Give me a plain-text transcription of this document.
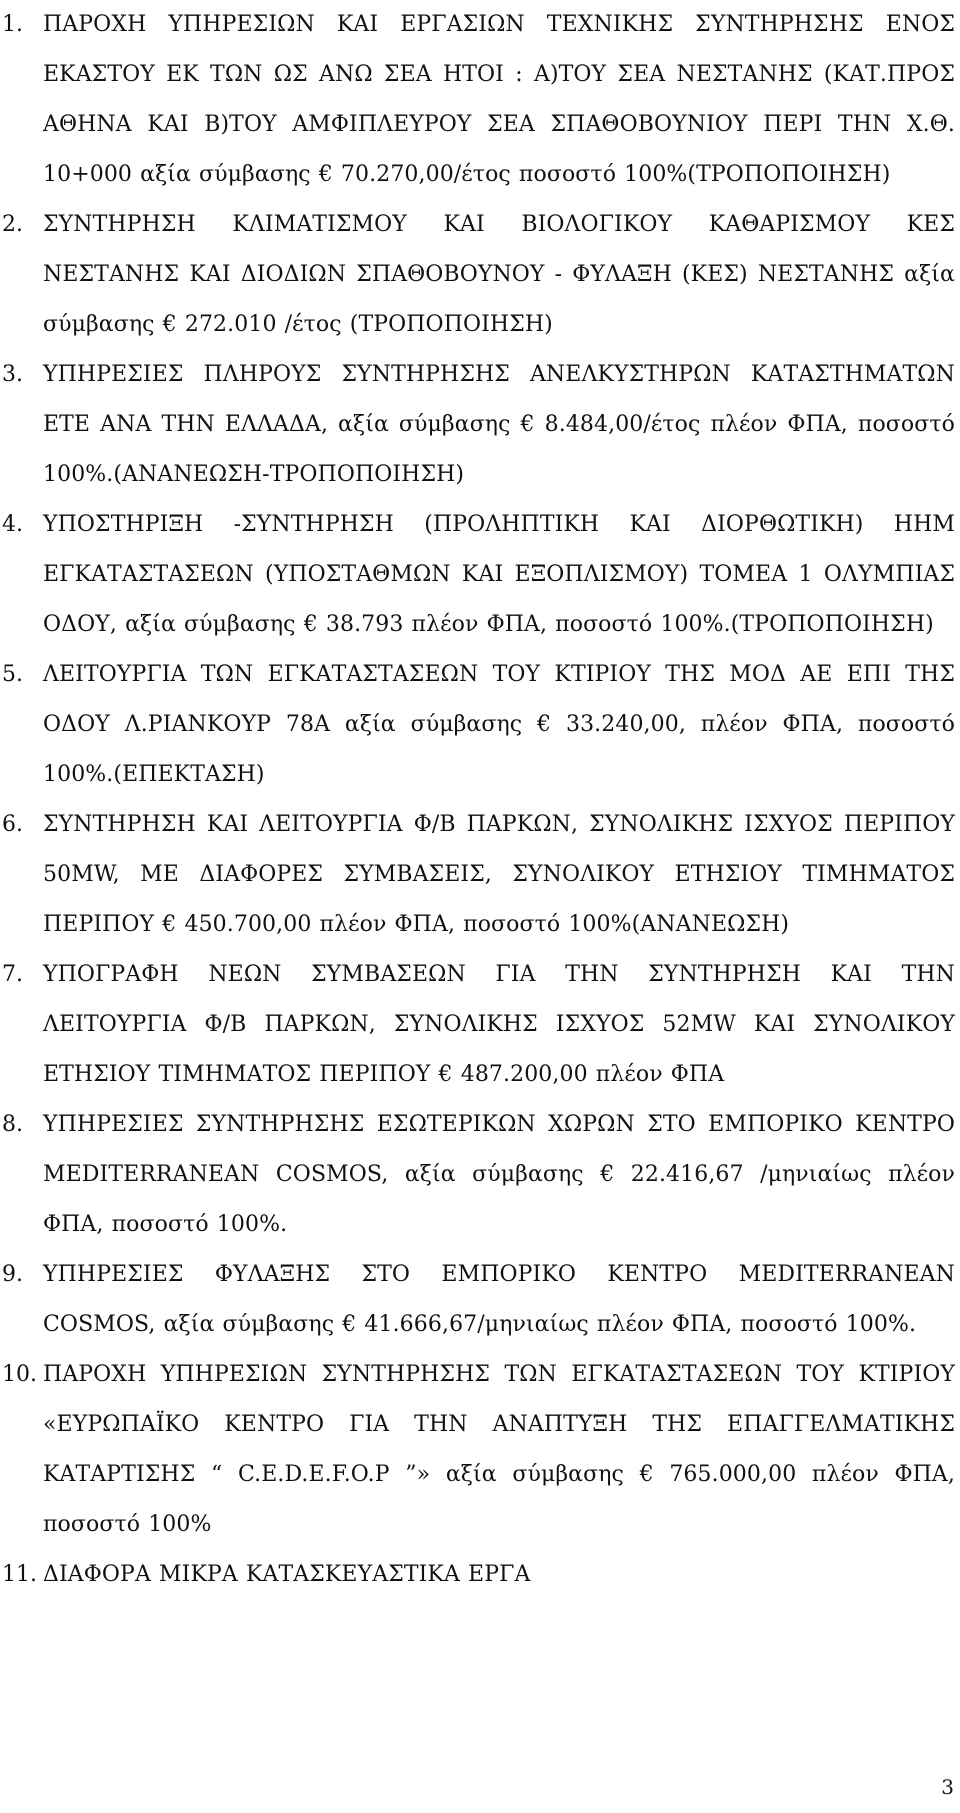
1. ΠΑΡΟΧΗ ΥΠΗΡΕΣΙΩΝ ΚΑΙ ΕΡΓΑΣΙΩΝ ΤΕΧΝΙΚΗΣ ΣΥΝΤΗΡΗΣΗΣ ΕΝΟΣ ΕΚΑΣΤΟΥ ΕΚ ΤΩΝ ΩΣ ΑΝΩ ΣΕΑ ΗΤΟΙ : Α)ΤΟΥ ΣΕΑ ΝΕΣΤΑΝΗΣ (ΚΑΤ.ΠΡΟΣ ΑΘΗΝΑ ΚΑΙ Β)ΤΟΥ ΑΜΦΙΠΛΕΥΡΟΥ ΣΕΑ ΣΠΑΘΟΒΟΥΝΙΟΥ ΠΕΡΙ ΤΗΝ Χ.Θ. 10+000 αξία σύμβασης € 70.270,00/έτος ποσοστό 100%(ΤΡΟΠΟΠΟΙΗΣΗ)
2. ΣΥΝΤΗΡΗΣΗ ΚΛΙΜΑΤΙΣΜΟΥ ΚΑΙ ΒΙΟΛΟΓΙΚΟΥ ΚΑΘΑΡΙΣΜΟΥ ΚΕΣ ΝΕΣΤΑΝΗΣ ΚΑΙ ΔΙΟΔΙΩΝ ΣΠΑΘΟΒΟΥΝΟΥ - ΦΥΛΑΞΗ (ΚΕΣ) ΝΕΣΤΑΝΗΣ αξία σύμβασης € 272.010 /έτος (ΤΡΟΠΟΠΟΙΗΣΗ)
3. ΥΠΗΡΕΣΙΕΣ ΠΛΗΡΟΥΣ ΣΥΝΤΗΡΗΣΗΣ ΑΝΕΛΚΥΣΤΗΡΩΝ ΚΑΤΑΣΤΗΜΑΤΩΝ ΕΤΕ ΑΝΑ ΤΗΝ ΕΛΛΑΔΑ, αξία σύμβασης € 8.484,00/έτος πλέον ΦΠΑ, ποσοστό 100%.(ΑΝΑΝΕΩΣΗ-ΤΡΟΠΟΠΟΙΗΣΗ)
4. ΥΠΟΣΤΗΡΙΞΗ -ΣΥΝΤΗΡΗΣΗ (ΠΡΟΛΗΠΤΙΚΗ ΚΑΙ ΔΙΟΡΘΩΤΙΚΗ) ΗΗΜ ΕΓΚΑΤΑΣΤΑΣΕΩΝ (ΥΠΟΣΤΑΘΜΩΝ ΚΑΙ ΕΞΟΠΛΙΣΜΟΥ) ΤΟΜΕΑ 1 ΟΛΥΜΠΙΑΣ ΟΔΟΥ, αξία σύμβασης € 38.793 πλέον ΦΠΑ, ποσοστό 100%.(ΤΡΟΠΟΠΟΙΗΣΗ)
5. ΛΕΙΤΟΥΡΓΙΑ ΤΩΝ ΕΓΚΑΤΑΣΤΑΣΕΩΝ ΤΟΥ ΚΤΙΡΙΟΥ ΤΗΣ ΜΟΔ ΑΕ ΕΠΙ ΤΗΣ ΟΔΟΥ Λ.ΡΙΑΝΚΟΥΡ 78Α αξία σύμβασης € 33.240,00, πλέον ΦΠΑ, ποσοστό 100%.(ΕΠΕΚΤΑΣΗ)
6. ΣΥΝΤΗΡΗΣΗ ΚΑΙ ΛΕΙΤΟΥΡΓΙΑ Φ/Β ΠΑΡΚΩΝ, ΣΥΝΟΛΙΚΗΣ ΙΣΧΥΟΣ ΠΕΡΙΠΟΥ 50MW, ΜΕ ΔΙΑΦΟΡΕΣ ΣΥΜΒΑΣΕΙΣ, ΣΥΝΟΛΙΚΟΥ ΕΤΗΣΙΟΥ ΤΙΜΗΜΑΤΟΣ ΠΕΡΙΠΟΥ € 450.700,00 πλέον ΦΠΑ, ποσοστό 100%(ΑΝΑΝΕΩΣΗ)
7. ΥΠΟΓΡΑΦΗ ΝΕΩΝ ΣΥΜΒΑΣΕΩΝ ΓΙΑ ΤΗΝ ΣΥΝΤΗΡΗΣΗ ΚΑΙ ΤΗΝ ΛΕΙΤΟΥΡΓΙΑ Φ/Β ΠΑΡΚΩΝ, ΣΥΝΟΛΙΚΗΣ ΙΣΧΥΟΣ 52MW ΚΑΙ ΣΥΝΟΛΙΚΟΥ ΕΤΗΣΙΟΥ ΤΙΜΗΜΑΤΟΣ ΠΕΡΙΠΟΥ € 487.200,00 πλέον ΦΠΑ
8. ΥΠΗΡΕΣΙΕΣ ΣΥΝΤΗΡΗΣΗΣ ΕΣΩΤΕΡΙΚΩΝ ΧΩΡΩΝ ΣΤΟ ΕΜΠΟΡΙΚΟ ΚΕΝΤΡΟ MEDITERRANEAN COSMOS, αξία σύμβασης € 22.416,67 /μηνιαίως πλέον ΦΠΑ, ποσοστό 100%.
9. ΥΠΗΡΕΣΙΕΣ ΦΥΛΑΞΗΣ ΣΤΟ ΕΜΠΟΡΙΚΟ ΚΕΝΤΡΟ MEDITERRANEAN COSMOS, αξία σύμβασης € 41.666,67/μηνιαίως πλέον ΦΠΑ, ποσοστό 100%.
10. ΠΑΡΟΧΗ ΥΠΗΡΕΣΙΩΝ ΣΥΝΤΗΡΗΣΗΣ ΤΩΝ ΕΓΚΑΤΑΣΤΑΣΕΩΝ ΤΟΥ ΚΤΙΡΙΟΥ «ΕΥΡΩΠΑΪΚΟ ΚΕΝΤΡΟ ΓΙΑ ΤΗΝ ΑΝΑΠΤΥΞΗ ΤΗΣ ΕΠΑΓΓΕΛΜΑΤΙΚΗΣ ΚΑΤΑΡΤΙΣΗΣ “ C.E.D.E.F.O.P ”» αξία σύμβασης € 765.000,00 πλέον ΦΠΑ, ποσοστό 100%
11. ΔΙΑΦΟΡΑ ΜΙΚΡΑ ΚΑΤΑΣΚΕΥΑΣΤΙΚΑ ΕΡΓΑ
3
